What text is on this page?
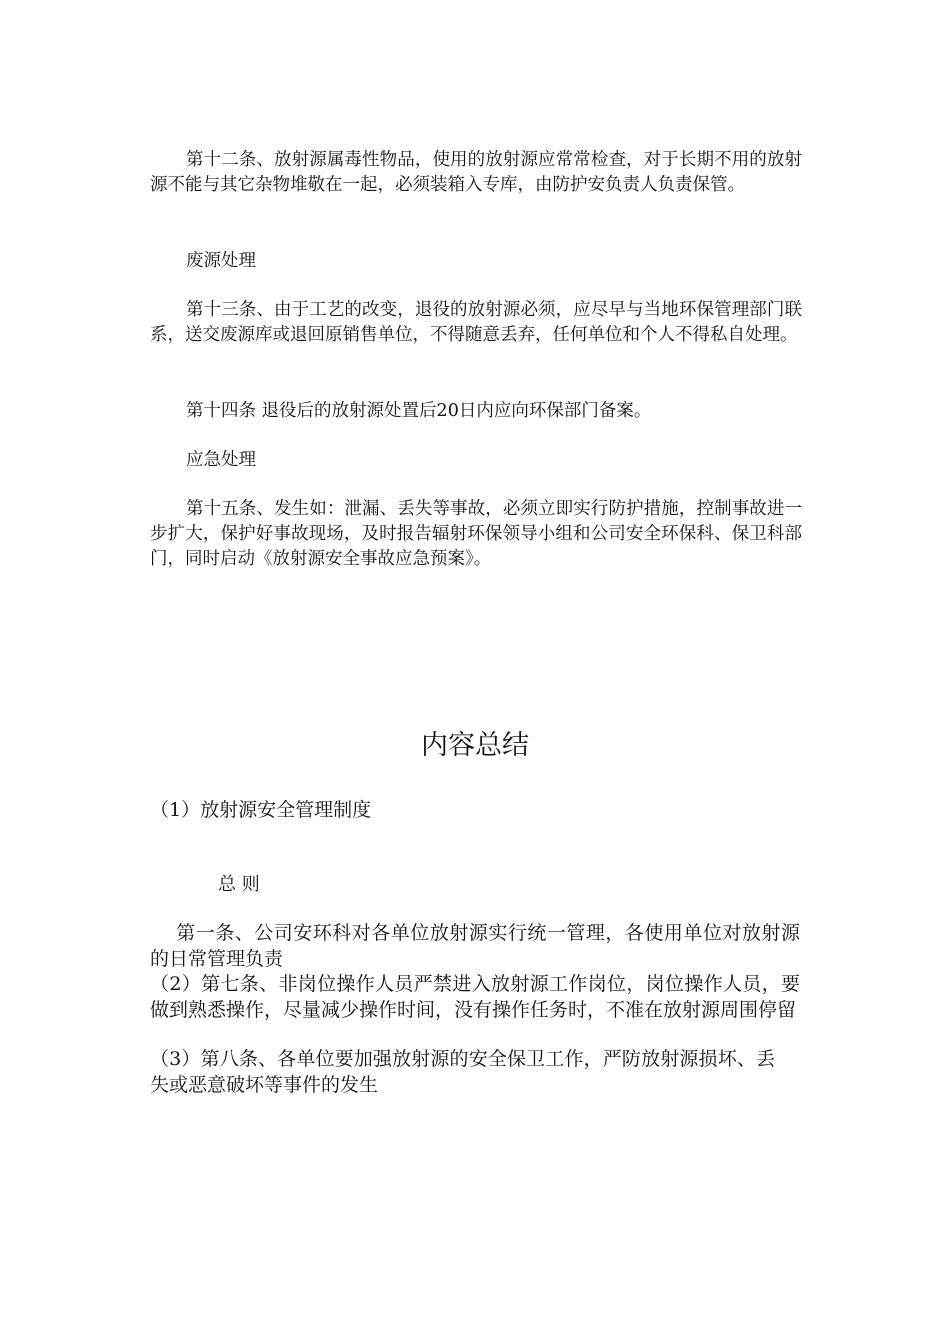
第十二条、放射源属毒性物品，使用的放射源应常常检查，对于长期不用的放射源不能与其它杂物堆敬在一起，必须装箱入专库，由防护安负责人负责保管。

废源处理

第十三条、由于工艺的改变，退役的放射源必须，应尽早与当地环保管理部门联系，送交废源库或退回原销售单位，不得随意丢弃，任何单位和个人不得私自处理。

第十四条 退役后的放射源处置后20日内应向环保部门备案。

应急处理

第十五条、发生如：泄漏、丢失等事故，必须立即实行防护措施，控制事故进一步扩大，保护好事故现场，及时报告辐射环保领导小组和公司安全环保科、保卫科部门，同时启动《放射源安全事故应急预案》。

内容总结

（1）放射源安全管理制度

总 则

第一条、公司安环科对各单位放射源实行统一管理，各使用单位对放射源的日常管理负责

（2）第七条、非岗位操作人员严禁进入放射源工作岗位，岗位操作人员，要做到熟悉操作，尽量减少操作时间，没有操作任务时，不准在放射源周围停留

（3）第八条、各单位要加强放射源的安全保卫工作，严防放射源损坏、丢失或恶意破坏等事件的发生
